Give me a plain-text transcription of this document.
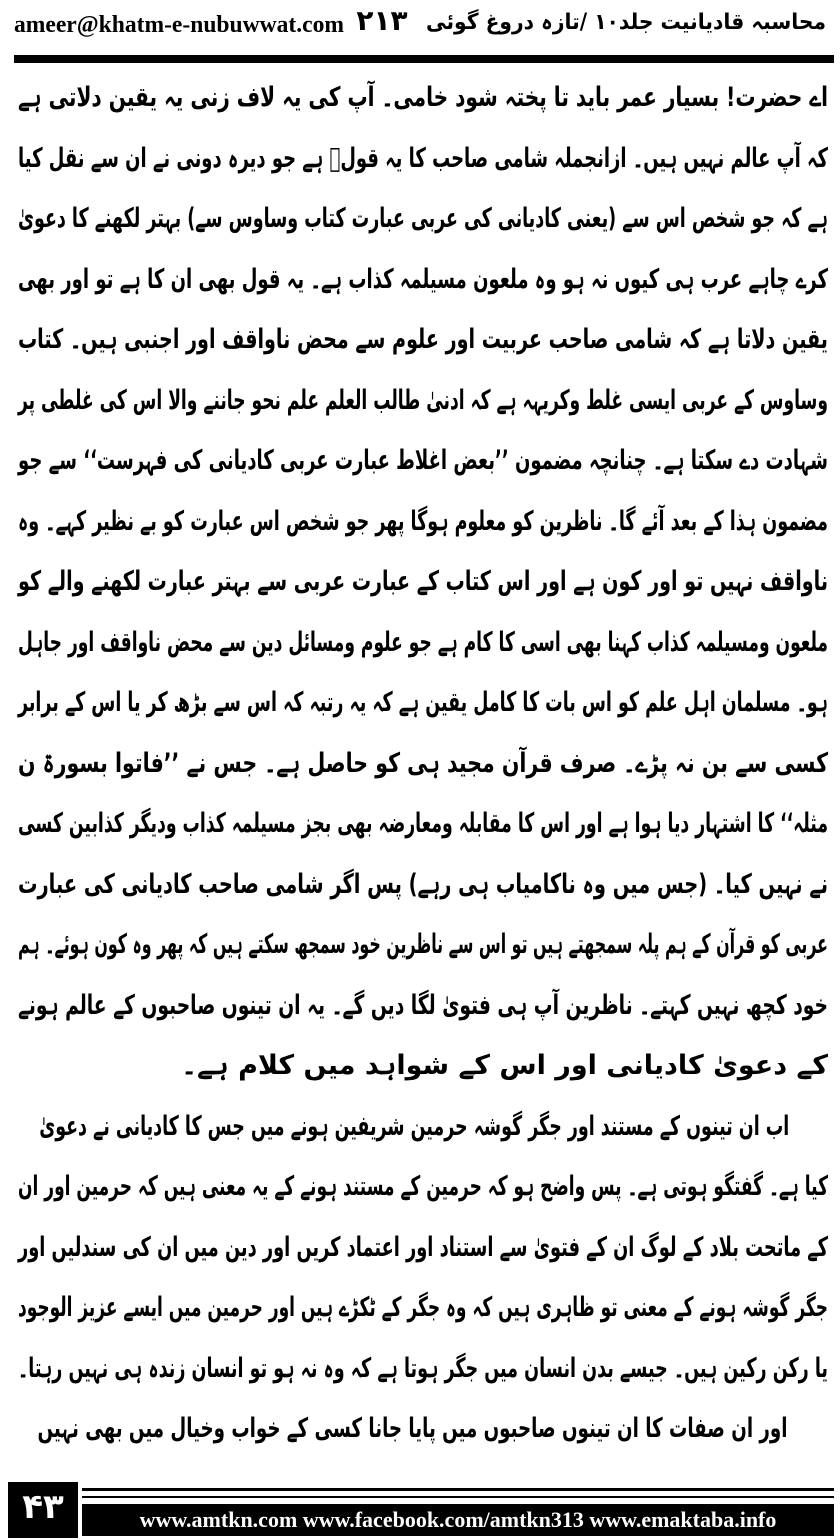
ameer@khatm-e-nubuwwat.com ۲۱۳ محاسبہ قادیانیت جلد۱۰ /تازہ دروغ گوئی
اے حضرت! بسیار عمر باید تا پختہ شود خامی۔ آپ کی یہ لاف زنی یہ یقین دلاتی ہے
کہ آپ عالم نہیں ہیں۔ ازانجملہ شامی صاحب کا یہ قولؒ ہے جو دیرہ دونی نے ان سے نقل کیا
ہے کہ جو شخص اس سے (یعنی کادیانی کی عربی عبارت کتاب وساوس سے) بہتر لکھنے کا دعویٰ
کرے چاہے عرب ہی کیوں نہ ہو وہ ملعون مسیلمہ کذاب ہے۔ یہ قول بھی ان کا ہے تو اور بھی
یقین دلاتا ہے کہ شامی صاحب عربیت اور علوم سے محض ناواقف اور اجنبی ہیں۔ کتاب
وساوس کے عربی ایسی غلط وکریہہ ہے کہ ادنیٰ طالب العلم علم نحو جاننے والا اس کی غلطی پر
شہادت دے سکتا ہے۔ چنانچہ مضمون ’’بعض اغلاط عبارت عربی کادیانی کی فہرست‘‘ سے جو
مضمون ہذا کے بعد آئے گا۔ ناظرین کو معلوم ہوگا پھر جو شخص اس عبارت کو بے نظیر کہے۔ وہ
ناواقف نہیں تو اور کون ہے اور اس کتاب کے عبارت عربی سے بہتر عبارت لکھنے والے کو
ملعون ومسیلمہ کذاب کہنا بھی اسی کا کام ہے جو علوم ومسائل دین سے محض ناواقف اور جاہل
ہو۔ مسلمان اہل علم کو اس بات کا کامل یقین ہے کہ یہ رتبہ کہ اس سے بڑھ کر یا اس کے برابر
کسی سے بن نہ پڑے۔ صرف قرآن مجید ہی کو حاصل ہے۔ جس نے ’’فاتوا بسورۃ ن
مثلہ‘‘ کا اشتہار دیا ہوا ہے اور اس کا مقابلہ ومعارضہ بھی بجز مسیلمہ کذاب ودیگر کذابین کسی
نے نہیں کیا۔ (جس میں وہ ناکامیاب ہی رہے) پس اگر شامی صاحب کادیانی کی عبارت
عربی کو قرآن کے ہم پلہ سمجھتے ہیں تو اس سے ناظرین خود سمجھ سکتے ہیں کہ پھر وہ کون ہوئے۔ ہم
خود کچھ نہیں کہتے۔ ناظرین آپ ہی فتویٰ لگا دیں گے۔ یہ ان تینوں صاحبوں کے عالم ہونے
کے دعویٰ کادیانی اور اس کے شواہد میں کلام ہے۔
اب ان تینوں کے مستند اور جگر گوشہ حرمین شریفین ہونے میں جس کا کادیانی نے دعویٰ
کیا ہے۔ گفتگو ہوتی ہے۔ پس واضح ہو کہ حرمین کے مستند ہونے کے یہ معنی ہیں کہ حرمین اور ان
کے ماتحت بلاد کے لوگ ان کے فتویٰ سے استناد اور اعتماد کریں اور دین میں ان کی سندلیں اور
جگر گوشہ ہونے کے معنی تو ظاہری ہیں کہ وہ جگر کے ٹکڑے ہیں اور حرمین میں ایسے عزیز الوجود
یا رکن رکین ہیں۔ جیسے بدن انسان میں جگر ہوتا ہے کہ وہ نہ ہو تو انسان زندہ ہی نہیں رہتا۔
اور ان صفات کا ان تینوں صاحبوں میں پایا جانا کسی کے خواب وخیال میں بھی نہیں
۴۳	www.amtkn.com www.facebook.com/amtkn313 www.emaktaba.info
